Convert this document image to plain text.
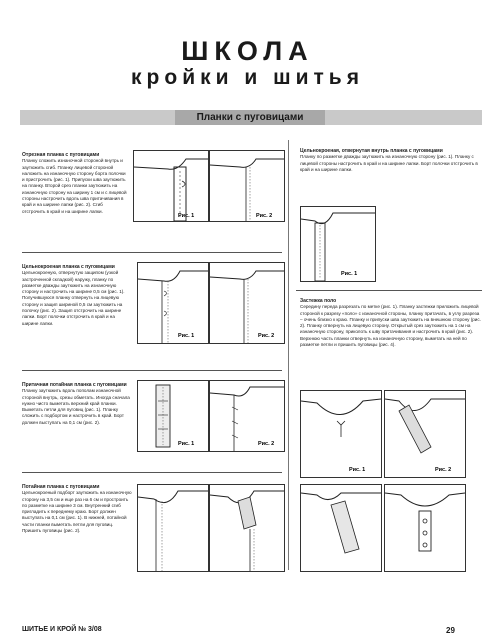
ШКОЛА
кройки и шитья
Планки с пуговицами
Отрезная планка с пуговицами
Планку сложить изнаночной стороной внутрь и заутюжить сгиб. Планку лицевой стороной наложить на изнаночную сторону борта полочки и пристрочить (рис. 1). Припуски шва заутюжить на планку. Второй срез планки заутюжить на изнаночную сторону на ширину 1 см и с лицевой стороны настрочить вдоль шва притачивания в край и на ширине лапки (рис. 2). Сгиб отстрочить в край и на ширине лапки.
Рис. 1	Рис. 2
Цельнокроеная планка с пуговицами
Цельнокроеную, отвернутую защипом (узкой застроченной складкой) наружу, планку по разметке дважды заутюжить на изнаночную сторону и настрочить на ширине 0,5 см (рис. 1). Получившуюся планку отвернуть на лицевую сторону и защип шириной 0,5 см заутюжить на полочку (рис. 2). Защип отстрочить на ширине лапки. Борт полочки отстрочить в край и на ширине лапки.
Рис. 1	Рис. 2
Притачная потайная планка с пуговицами
Планку заутюжить вдоль пополам изнаночной стороной внутрь, срезы обметать. Иногда сначала нужно чисто выметать верхний край планки. Выметать петли для пуговиц (рис. 1). Планку сложить с подбортом и настрочить в край. Борт должен выступать на 0,1 см (рис. 2).
Рис. 1	Рис. 2
Потайная планка с пуговицами
Цельнокроеный подборт заутюжить на изнаночную сторону на 3,5 см и еще раз на 6 см и простроить по разметке на ширине 3 см. Внутренний сгиб пригладить к переднему краю. Борт должен выступать на 0,1 см (рис. 1). В нижней, потайной части планки выметать петли для пуговиц. Пришить пуговицы (рис. 2).
Цельнокроеная, отвернутая внутрь планка с пуговицами
Планку по разметке дважды заутюжить на изнаночную сторону (рис. 1). Планку с лицевой стороны настрочить в край и на ширине лапки. Борт полочки отстрочить в край и на ширине лапки.
Рис. 1
Застежка поло
Середину переда разрезать по метке (рис. 1). Планку застежки приложить лицевой стороной к разрезу «поло» с изнаночной стороны, планку притачать, в углу разреза – очень близко к краю. Планку и припуски шва заутюжить на внешнюю сторону (рис. 2). Планку отвернуть на лицевую сторону. Открытый срез заутюжить на 1 см на изнаночную сторону, приколоть к шву притачивания и настрочить в край (рис. 2). Верхнюю часть планки отвернуть на изнаночную сторону, выметать на ней по разметке петли и пришить пуговицы (рис. 4).
Рис. 1	Рис. 2
ШИТЬЕ И КРОЙ № 3/08	29
